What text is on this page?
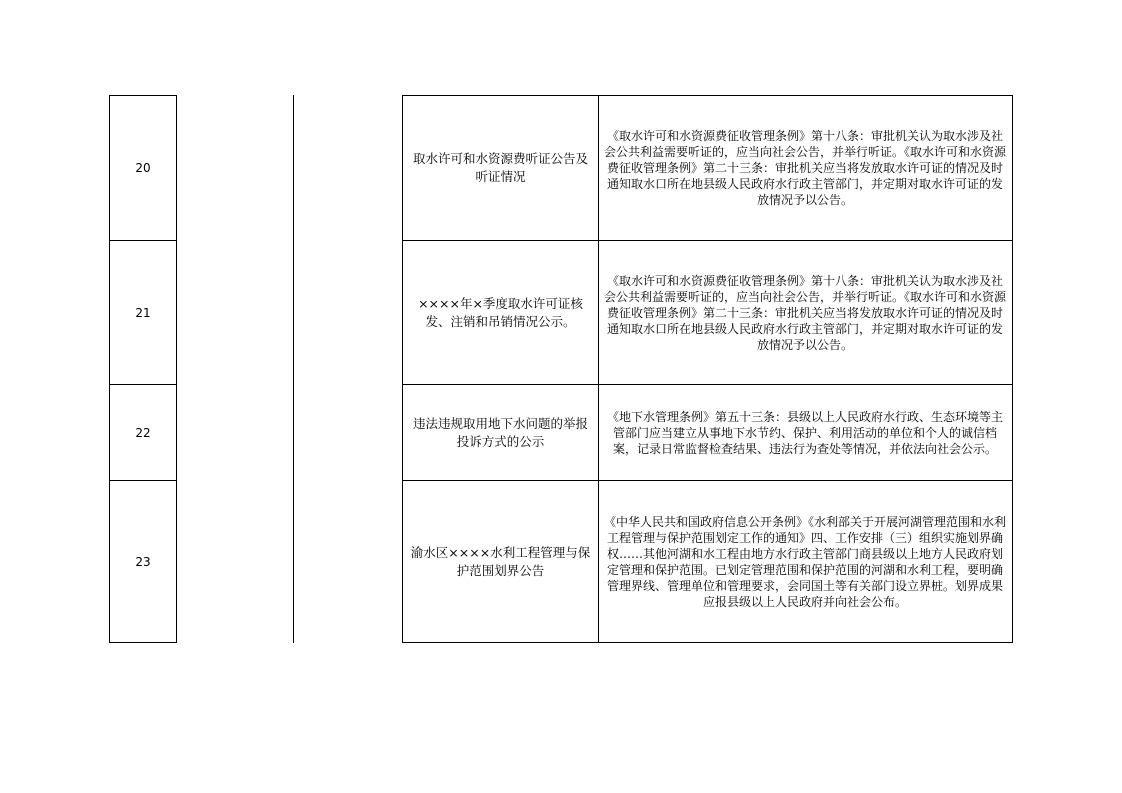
20
取水许可和水资源费听证公告及听证情况
《取水许可和水资源费征收管理条例》第十八条：审批机关认为取水涉及社会公共利益需要听证的，应当向社会公告，并举行听证。《取水许可和水资源费征收管理条例》第二十三条：审批机关应当将发放取水许可证的情况及时通知取水口所在地县级人民政府水行政主管部门，并定期对取水许可证的发放情况予以公告。
21
××××年×季度取水许可证核发、注销和吊销情况公示。
《取水许可和水资源费征收管理条例》第十八条：审批机关认为取水涉及社会公共利益需要听证的，应当向社会公告，并举行听证。《取水许可和水资源费征收管理条例》第二十三条：审批机关应当将发放取水许可证的情况及时通知取水口所在地县级人民政府水行政主管部门，并定期对取水许可证的发放情况予以公告。
22
违法违规取用地下水问题的举报投诉方式的公示
《地下水管理条例》第五十三条：县级以上人民政府水行政、生态环境等主管部门应当建立从事地下水节约、保护、利用活动的单位和个人的诚信档案，记录日常监督检查结果、违法行为查处等情况，并依法向社会公示。
23
渝水区××××水利工程管理与保护范围划界公告
《中华人民共和国政府信息公开条例》《水利部关于开展河湖管理范围和水利工程管理与保护范围划定工作的通知》四、工作安排（三）组织实施划界确权……其他河湖和水工程由地方水行政主管部门商县级以上地方人民政府划定管理和保护范围。已划定管理范围和保护范围的河湖和水利工程，要明确管理界线、管理单位和管理要求，会同国土等有关部门设立界桩。划界成果应报县级以上人民政府并向社会公布。
